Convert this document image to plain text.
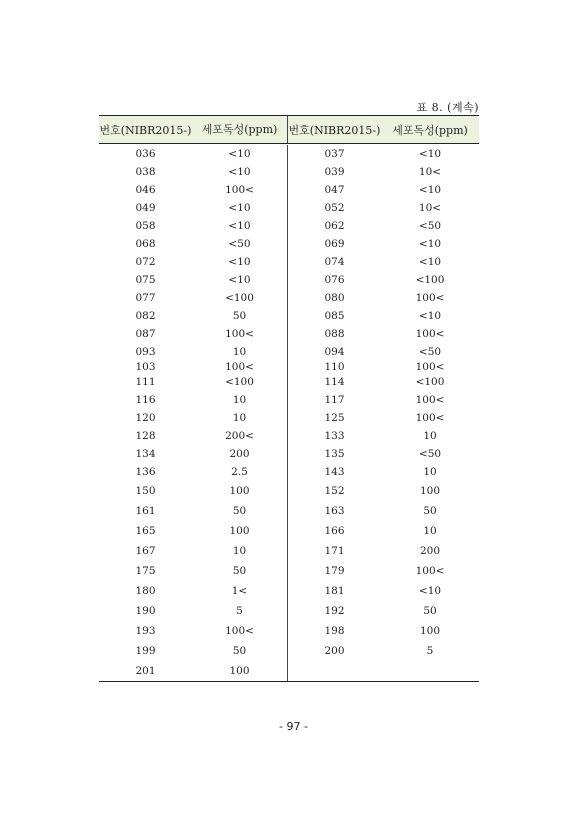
표 8. (계속)
번호(NIBR2015-) 세포독성(ppm)	번호(NIBR2015-)	세포독성(ppm)
036	<10	037	<10
038	<10	039	10<
046	100<	047	<10
049	<10	052	10<
058	<10	062	<50
068	<50	069	<10
072	<10	074	<10
075	<10	076	<100
077	<100	080	100<
082	50	085	<10
087	100<	088	100<
093	10	094	<50
103	100<	110	100<
111	<100	114	<100
116	10	117	100<
120	10	125	100<
128	200<	133	10
134	200	135	<50
136	2.5	143	10
150	100	152	100
161	50	163	50
165	100	166	10
167	10	171	200
175	50	179	100<
180	1<	181	<10
190	5	192	50
193	100<	198	100
199	50	200	5
201	100
- 97 -
